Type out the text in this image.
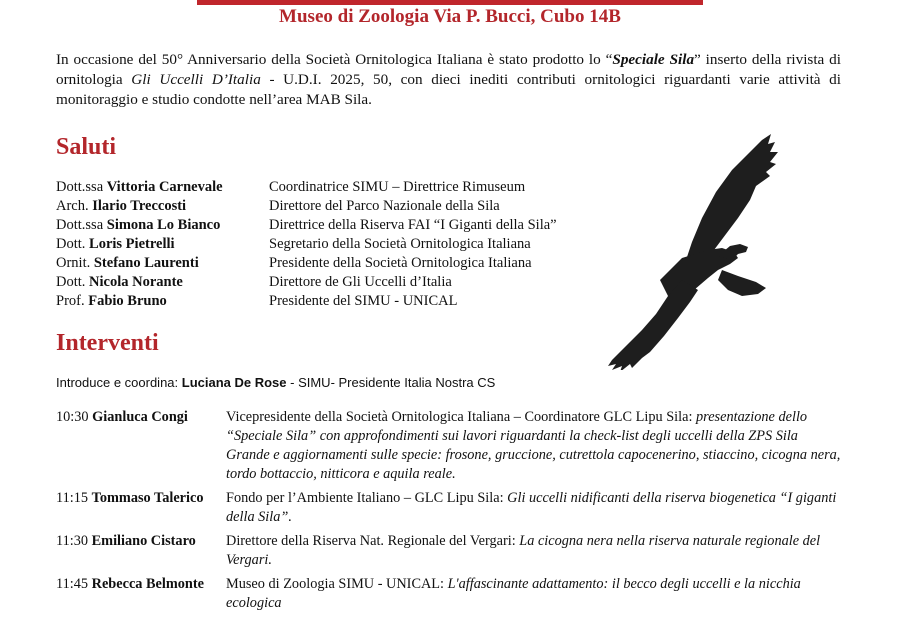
Museo di Zoologia Via P. Bucci, Cubo 14B
In occasione del 50° Anniversario della Società Ornitologica Italiana è stato prodotto lo “Speciale Sila” inserto della rivista di ornitologia Gli Uccelli D’Italia - U.D.I. 2025, 50, con dieci inediti contributi ornitologici riguardanti varie attività di monitoraggio e studio condotte nell’area MAB Sila.
Saluti
Dott.ssa Vittoria Carnevale	Coordinatrice SIMU – Direttrice Rimuseum
Arch. Ilario Treccosti	Direttore del Parco Nazionale della Sila
Dott.ssa Simona Lo Bianco	Direttrice della Riserva FAI “I Giganti della Sila”
Dott. Loris Pietrelli	Segretario della Società Ornitologica Italiana
Ornit. Stefano Laurenti	Presidente della Società Ornitologica Italiana
Dott. Nicola Norante	Direttore de Gli Uccelli d’Italia
Prof. Fabio Bruno	Presidente del SIMU - UNICAL
Interventi
Introduce e coordina: Luciana De Rose - SIMU- Presidente Italia Nostra CS
10:30 Gianluca Congi	Vicepresidente della Società Ornitologica Italiana – Coordinatore GLC Lipu Sila: presentazione dello “Speciale Sila” con approfondimenti sui lavori riguardanti la check-list degli uccelli della ZPS Sila Grande e aggiornamenti sulle specie: frosone, gruccione, cutrettola capocenerino, stiaccino, cicogna nera, tordo bottaccio, nitticora e aquila reale.
11:15 Tommaso Talerico	Fondo per l’Ambiente Italiano – GLC Lipu Sila: Gli uccelli nidificanti della riserva biogenetica “I giganti della Sila”.
11:30 Emiliano Cistaro	Direttore della Riserva Nat. Regionale del Vergari: La cicogna nera nella riserva naturale regionale del Vergari.
11:45 Rebecca Belmonte	Museo di Zoologia SIMU - UNICAL: L'affascinante adattamento: il becco degli uccelli e la nicchia ecologica
